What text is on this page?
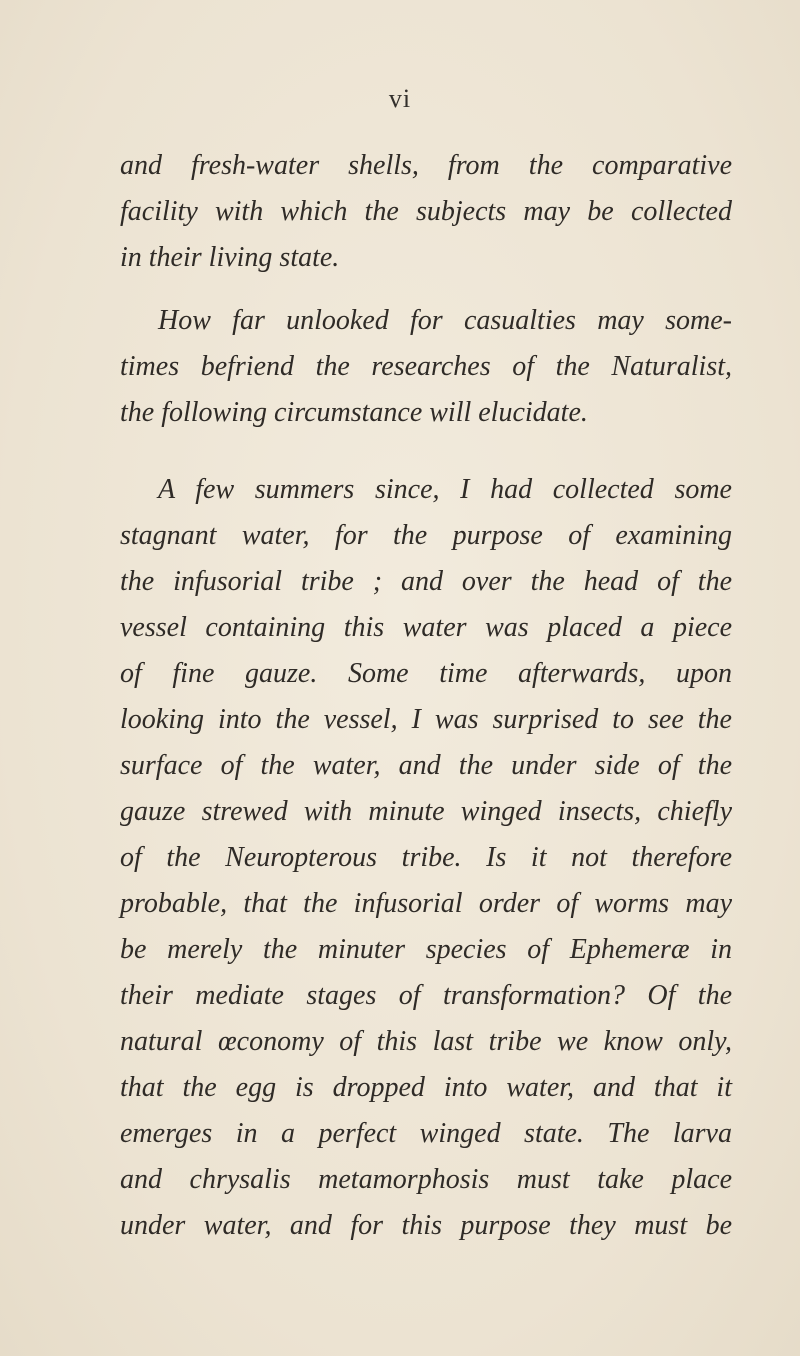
vi
and fresh-water shells, from the comparative
facility with which the subjects may be collected
in their living state.
How far unlooked for casualties may some-
times befriend the researches of the Naturalist,
the following circumstance will elucidate.
A few summers since, I had collected some
stagnant water, for the purpose of examining
the infusorial tribe ; and over the head of the
vessel containing this water was placed a piece
of fine gauze. Some time afterwards, upon
looking into the vessel, I was surprised to see the
surface of the water, and the under side of the
gauze strewed with minute winged insects, chiefly
of the Neuropterous tribe. Is it not therefore
probable, that the infusorial order of worms may
be merely the minuter species of Ephemeræ in
their mediate stages of transformation? Of the
natural œconomy of this last tribe we know only,
that the egg is dropped into water, and that it
emerges in a perfect winged state. The larva
and chrysalis metamorphosis must take place
under water, and for this purpose they must be
